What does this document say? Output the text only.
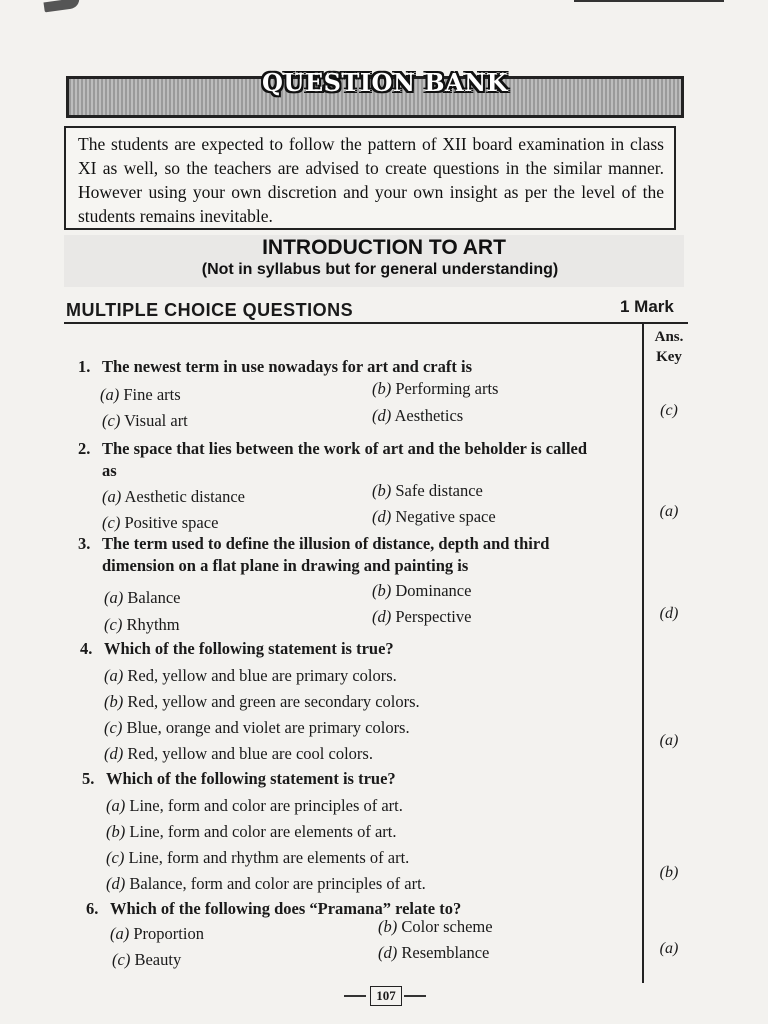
QUESTION BANK
The students are expected to follow the pattern of XII board examination in class XI as well, so the teachers are advised to create questions in the similar manner. However using your own discretion and your own insight as per the level of the students remains inevitable.
INTRODUCTION TO ART
(Not in syllabus but for general understanding)
MULTIPLE CHOICE QUESTIONS	1 Mark
Ans.
Key
1. The newest term in use nowadays for art and craft is
(a) Fine arts	(b) Performing arts
(c) Visual art	(d) Aesthetics	(c)
2. The space that lies between the work of art and the beholder is called
as
(a) Aesthetic distance	(b) Safe distance
(c) Positive space	(d) Negative space	(a)
3. The term used to define the illusion of distance, depth and third
dimension on a flat plane in drawing and painting is
(a) Balance	(b) Dominance
(c) Rhythm	(d) Perspective	(d)
4. Which of the following statement is true?
(a) Red, yellow and blue are primary colors.
(b) Red, yellow and green are secondary colors.
(c) Blue, orange and violet are primary colors.
(d) Red, yellow and blue are cool colors.
(a)
5. Which of the following statement is true?
(a) Line, form and color are principles of art.
(b) Line, form and color are elements of art.
(c) Line, form and rhythm are elements of art.
(d) Balance, form and color are principles of art.
(b)
6. Which of the following does “Pramana” relate to?
(a) Proportion	(b) Color scheme
(c) Beauty	(d) Resemblance	(a)
107
